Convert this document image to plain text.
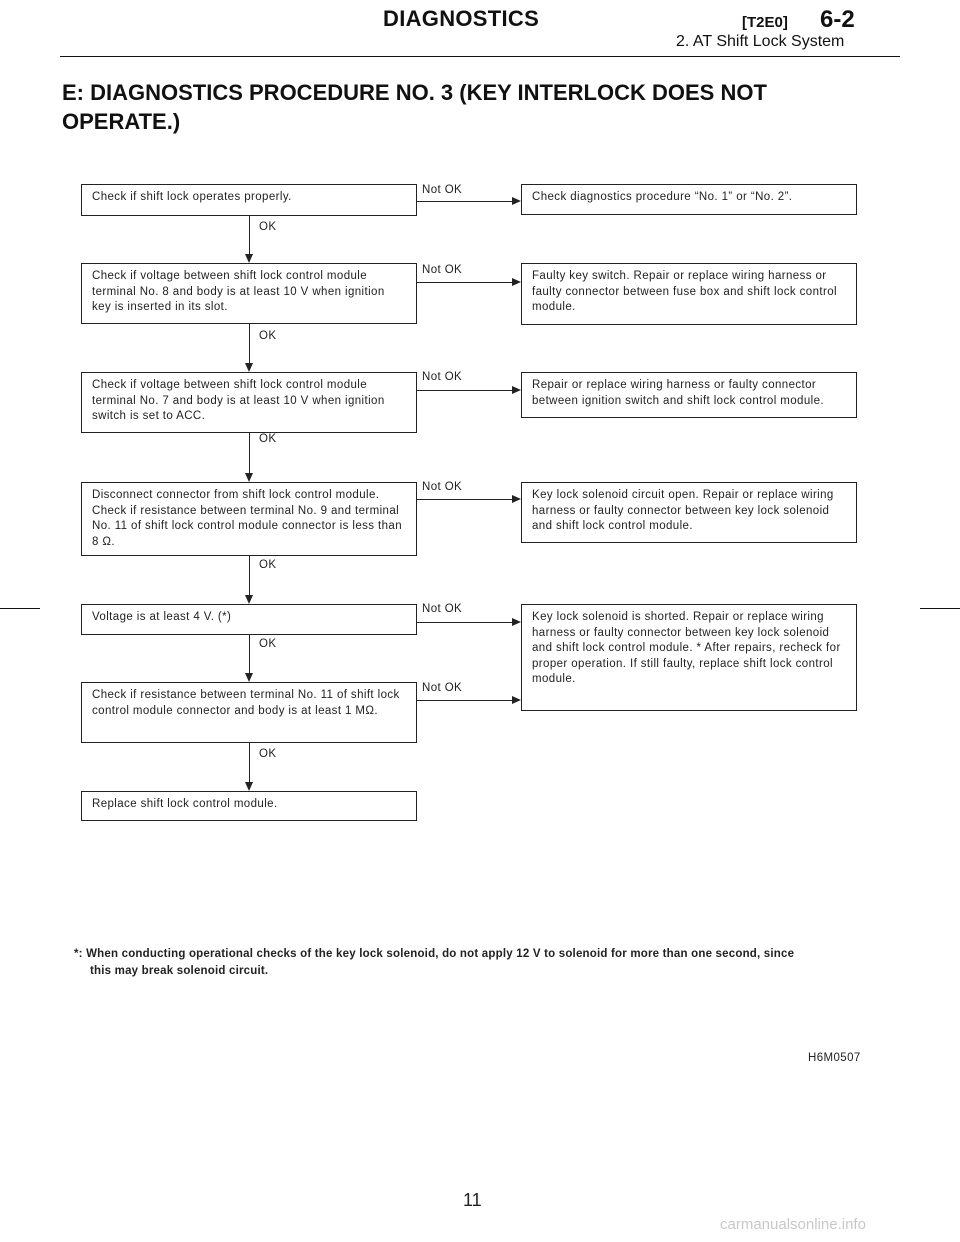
DIAGNOSTICS	[T2E0] 6-2
2. AT Shift Lock System
E: DIAGNOSTICS PROCEDURE NO. 3 (KEY INTERLOCK DOES NOT OPERATE.)
Check if shift lock operates properly.
Check if voltage between shift lock control module terminal No. 8 and body is at least 10 V when ignition key is inserted in its slot.
Check if voltage between shift lock control module terminal No. 7 and body is at least 10 V when ignition switch is set to ACC.
Disconnect connector from shift lock control module. Check if resistance between terminal No. 9 and terminal No. 11 of shift lock control module connector is less than 8 Ω.
Voltage is at least 4 V. (*)
Check if resistance between terminal No. 11 of shift lock control module connector and body is at least 1 MΩ.
Replace shift lock control module.
Check diagnostics procedure “No. 1” or “No. 2”.
Faulty key switch. Repair or replace wiring harness or faulty connector between fuse box and shift lock control module.
Repair or replace wiring harness or faulty connector between ignition switch and shift lock control module.
Key lock solenoid circuit open. Repair or replace wiring harness or faulty connector between key lock solenoid and shift lock control module.
Key lock solenoid is shorted. Repair or replace wiring harness or faulty connector between key lock solenoid and shift lock control module. * After repairs, recheck for proper operation. If still faulty, replace shift lock control module.
OK
OK
OK
OK
OK
OK
Not OK
Not OK
Not OK
Not OK
Not OK
Not OK
*: When conducting operational checks of the key lock solenoid, do not apply 12 V to solenoid for more than one second, since
this may break solenoid circuit.
H6M0507
11
carmanualsonline.info
